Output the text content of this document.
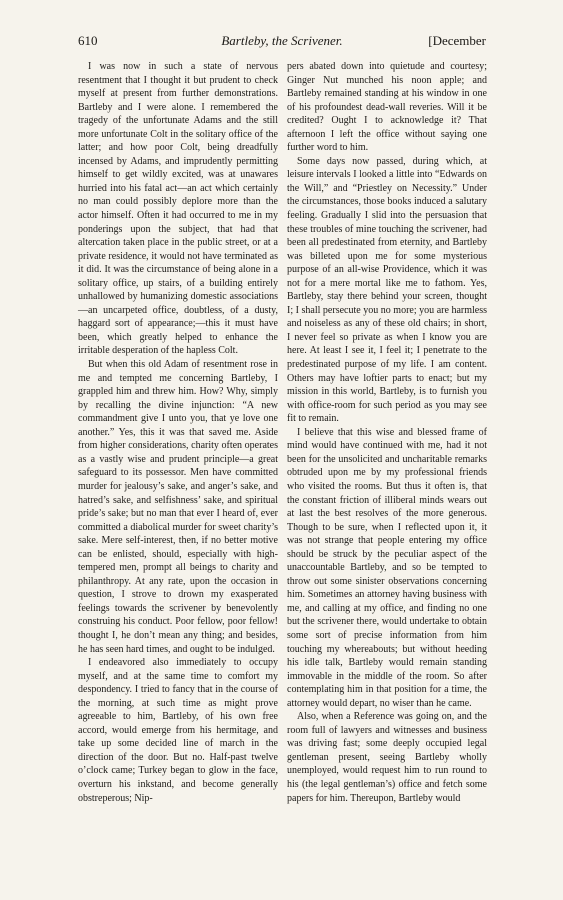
610	Bartleby, the Scrivener.	[December

I was now in such a state of nervous resentment that I thought it but prudent to check myself at present from further demonstrations. Bartleby and I were alone. I remembered the tragedy of the unfortunate Adams and the still more unfortunate Colt in the solitary office of the latter; and how poor Colt, being dreadfully incensed by Adams, and imprudently permitting himself to get wildly excited, was at unawares hurried into his fatal act—an act which certainly no man could possibly deplore more than the actor himself. Often it had occurred to me in my ponderings upon the subject, that had that altercation taken place in the public street, or at a private residence, it would not have terminated as it did. It was the circumstance of being alone in a solitary office, up stairs, of a building entirely unhallowed by humanizing domestic associations—an uncarpeted office, doubtless, of a dusty, haggard sort of appearance;—this it must have been, which greatly helped to enhance the irritable desperation of the hapless Colt.

But when this old Adam of resentment rose in me and tempted me concerning Bartleby, I grappled him and threw him. How? Why, simply by recalling the divine injunction: “A new commandment give I unto you, that ye love one another.” Yes, this it was that saved me. Aside from higher considerations, charity often operates as a vastly wise and prudent principle—a great safeguard to its possessor. Men have committed murder for jealousy’s sake, and anger’s sake, and hatred’s sake, and selfishness’ sake, and spiritual pride’s sake; but no man that ever I heard of, ever committed a diabolical murder for sweet charity’s sake. Mere self-interest, then, if no better motive can be enlisted, should, especially with high-tempered men, prompt all beings to charity and philanthropy. At any rate, upon the occasion in question, I strove to drown my exasperated feelings towards the scrivener by benevolently construing his conduct. Poor fellow, poor fellow! thought I, he don’t mean any thing; and besides, he has seen hard times, and ought to be indulged.

I endeavored also immediately to occupy myself, and at the same time to comfort my despondency. I tried to fancy that in the course of the morning, at such time as might prove agreeable to him, Bartleby, of his own free accord, would emerge from his hermitage, and take up some decided line of march in the direction of the door. But no. Half-past twelve o’clock came; Turkey began to glow in the face, overturn his inkstand, and become generally obstreperous; Nip-

pers abated down into quietude and courtesy; Ginger Nut munched his noon apple; and Bartleby remained standing at his window in one of his profoundest dead-wall reveries. Will it be credited? Ought I to acknowledge it? That afternoon I left the office without saying one further word to him.

Some days now passed, during which, at leisure intervals I looked a little into “Edwards on the Will,” and “Priestley on Necessity.” Under the circumstances, those books induced a salutary feeling. Gradually I slid into the persuasion that these troubles of mine touching the scrivener, had been all predestinated from eternity, and Bartleby was billeted upon me for some mysterious purpose of an all-wise Providence, which it was not for a mere mortal like me to fathom. Yes, Bartleby, stay there behind your screen, thought I; I shall persecute you no more; you are harmless and noiseless as any of these old chairs; in short, I never feel so private as when I know you are here. At least I see it, I feel it; I penetrate to the predestinated purpose of my life. I am content. Others may have loftier parts to enact; but my mission in this world, Bartleby, is to furnish you with office-room for such period as you may see fit to remain.

I believe that this wise and blessed frame of mind would have continued with me, had it not been for the unsolicited and uncharitable remarks obtruded upon me by my professional friends who visited the rooms. But thus it often is, that the constant friction of illiberal minds wears out at last the best resolves of the more generous. Though to be sure, when I reflected upon it, it was not strange that people entering my office should be struck by the peculiar aspect of the unaccountable Bartleby, and so be tempted to throw out some sinister observations concerning him. Sometimes an attorney having business with me, and calling at my office, and finding no one but the scrivener there, would undertake to obtain some sort of precise information from him touching my whereabouts; but without heeding his idle talk, Bartleby would remain standing immovable in the middle of the room. So after contemplating him in that position for a time, the attorney would depart, no wiser than he came.

Also, when a Reference was going on, and the room full of lawyers and witnesses and business was driving fast; some deeply occupied legal gentleman present, seeing Bartleby wholly unemployed, would request him to run round to his (the legal gentleman’s) office and fetch some papers for him. Thereupon, Bartleby would
